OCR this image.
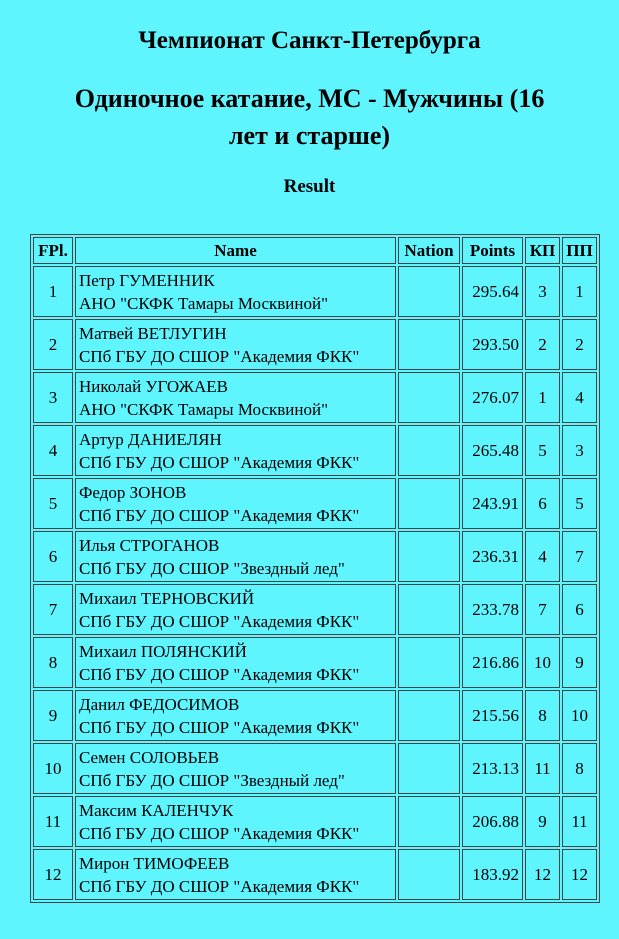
Чемпионат Санкт-Петербурга
Одиночное катание, МС - Мужчины (16
лет и старше)
Result
FPl.	Name	Nation	Points	КП	ПП
1	Петр ГУМЕННИК
АНО "СКФК Тамары Москвиной"		295.64	3	1
2	Матвей ВЕТЛУГИН
СПб ГБУ ДО СШОР "Академия ФКК"		293.50	2	2
3	Николай УГОЖАЕВ
АНО "СКФК Тамары Москвиной"		276.07	1	4
4	Артур ДАНИЕЛЯН
СПб ГБУ ДО СШОР "Академия ФКК"		265.48	5	3
5	Федор ЗОНОВ
СПб ГБУ ДО СШОР "Академия ФКК"		243.91	6	5
6	Илья СТРОГАНОВ
СПб ГБУ ДО СШОР "Звездный лед"		236.31	4	7
7	Михаил ТЕРНОВСКИЙ
СПб ГБУ ДО СШОР "Академия ФКК"		233.78	7	6
8	Михаил ПОЛЯНСКИЙ
СПб ГБУ ДО СШОР "Академия ФКК"		216.86	10	9
9	Данил ФЕДОСИМОВ
СПб ГБУ ДО СШОР "Академия ФКК"		215.56	8	10
10	Семен СОЛОВЬЕВ
СПб ГБУ ДО СШОР "Звездный лед"		213.13	11	8
11	Максим КАЛЕНЧУК
СПб ГБУ ДО СШОР "Академия ФКК"		206.88	9	11
12	Мирон ТИМОФЕЕВ
СПб ГБУ ДО СШОР "Академия ФКК"		183.92	12	12
